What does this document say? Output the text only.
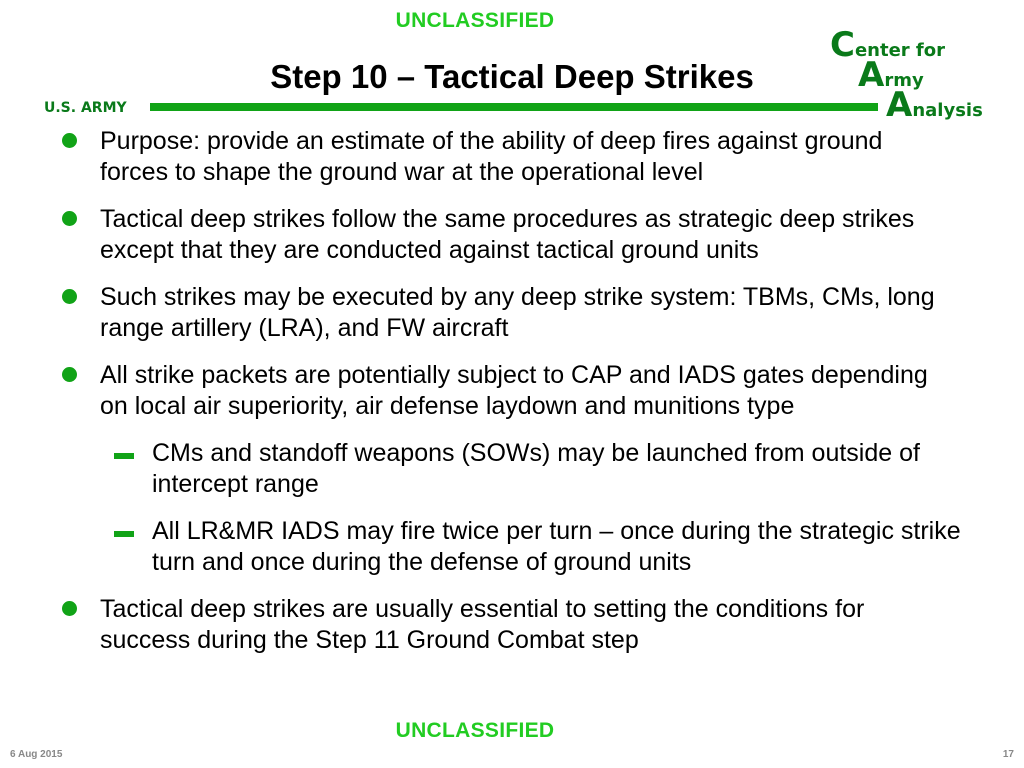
UNCLASSIFIED
Step 10 – Tactical Deep Strikes
U.S. ARMY
Center for
Army
Analysis
Purpose: provide an estimate of the ability of deep fires against ground forces to shape the ground war at the operational level
Tactical deep strikes follow the same procedures as strategic deep strikes except that they are conducted against tactical ground units
Such strikes may be executed by any deep strike system: TBMs, CMs, long range artillery (LRA), and FW aircraft
All strike packets are potentially subject to CAP and IADS gates depending on local air superiority, air defense laydown and munitions type
CMs and standoff weapons (SOWs) may be launched from outside of intercept range
All LR&MR IADS may fire twice per turn – once during the strategic strike turn and once during the defense of ground units
Tactical deep strikes are usually essential to setting the conditions for success during the Step 11 Ground Combat step
UNCLASSIFIED
6 Aug 2015	17
